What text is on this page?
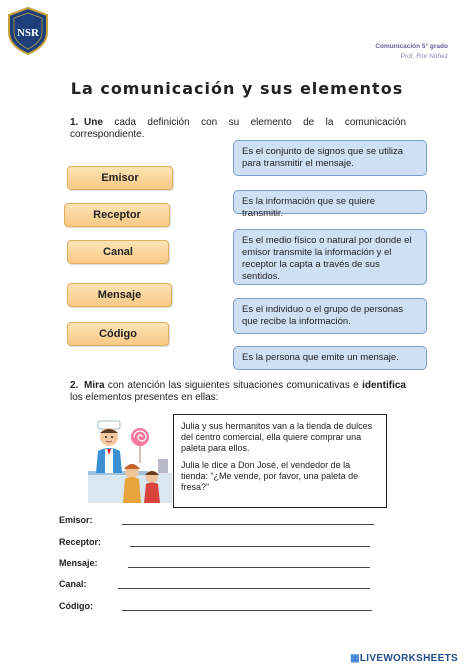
NSR
Comunicación 5° grado
Prof. Flor Núñez
La comunicación y sus elementos
1. Une cada definición con su elemento de la comunicación correspondiente.
Emisor
Receptor
Canal
Mensaje
Código
Es el conjunto de signos que se utiliza para transmitir el mensaje.
Es la información que se quiere transmitir.
Es el medio físico o natural por donde el emisor transmite la información y el receptor la capta a través de sus sentidos.
Es el individuo o el grupo de personas que recibe la información.
Es la persona que emite un mensaje.
2. Mira con atención las siguientes situaciones comunicativas e identifica los elementos presentes en ellas:

Julia y sus hermanitos van a la tienda de dulces del centro comercial, ella quiere comprar una paleta para ellos.

Julia le dice a Don José, el vendedor de la tienda: “¿Me vende, por favor, una paleta de fresa?”

Emisor:
Receptor:
Mensaje:
Canal:
Código:
▦LIVEWORKSHEETS
